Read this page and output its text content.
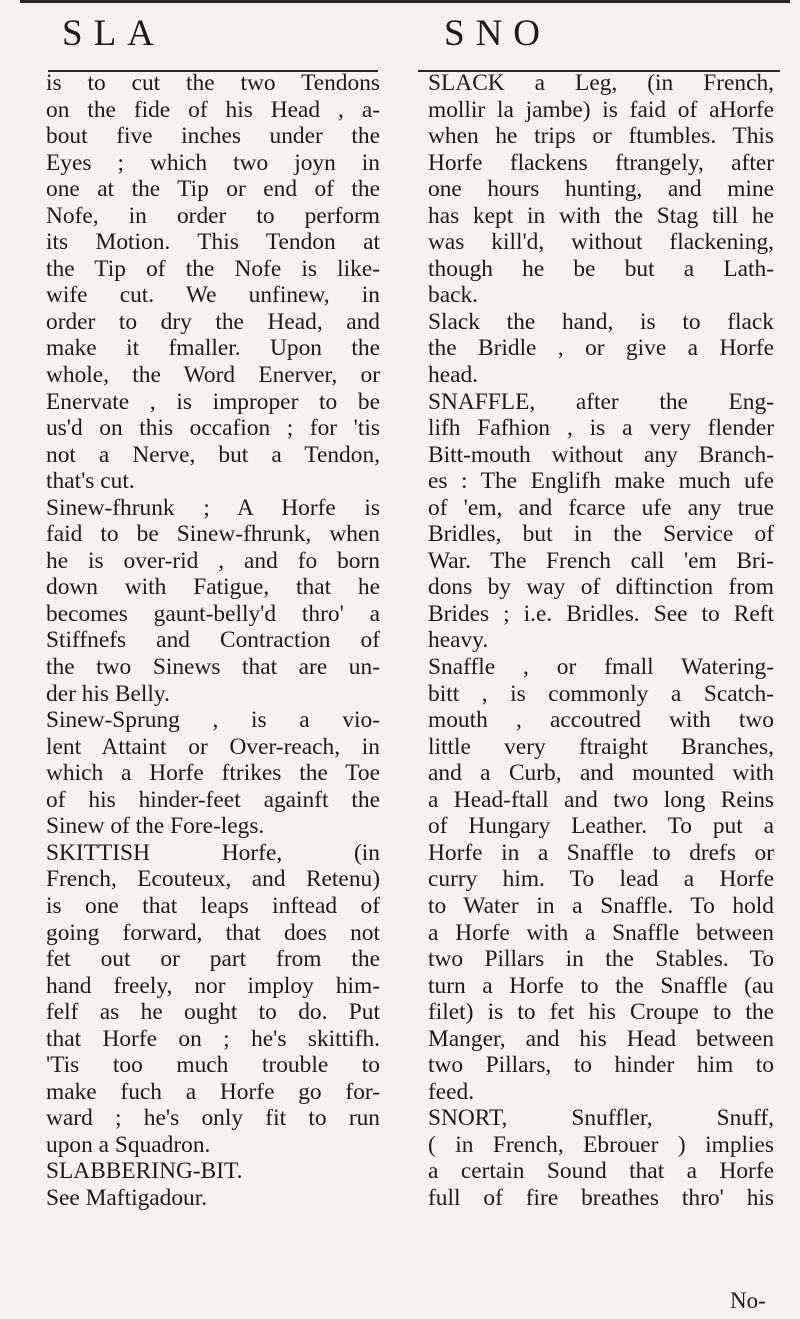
SLA	SNO
is to cut the two Tendons
on the fide of his Head , a-
bout five inches under the
Eyes ; which two joyn in
one at the Tip or end of the
Nofe, in order to perform
its Motion. This Tendon at
the Tip of the Nofe is like-
wife cut. We unfinew, in
order to dry the Head, and
make it fmaller. Upon the
whole, the Word Enerver, or
Enervate , is improper to be
us'd on this occafion ; for 'tis
not a Nerve, but a Tendon,
that's cut.
Sinew-fhrunk ; A Horfe is
faid to be Sinew-fhrunk, when
he is over-rid , and fo born
down with Fatigue, that he
becomes gaunt-belly'd thro' a
Stiffnefs and Contraction of
the two Sinews that are un-
der his Belly.
Sinew-Sprung , is a vio-
lent Attaint or Over-reach, in
which a Horfe ftrikes the Toe
of his hinder-feet againft the
Sinew of the Fore-legs.
SKITTISH Horfe, (in
French, Ecouteux, and Retenu)
is one that leaps inftead of
going forward, that does not
fet out or part from the
hand freely, nor imploy him-
felf as he ought to do. Put
that Horfe on ; he's skittifh.
'Tis too much trouble to
make fuch a Horfe go for-
ward ; he's only fit to run
upon a Squadron.
SLABBERING-BIT.
See Maftigadour.
SLACK a Leg, (in French,
mollir la jambe) is faid of aHorfe
when he trips or ftumbles. This
Horfe flackens ftrangely, after
one hours hunting, and mine
has kept in with the Stag till he
was kill'd, without flackening,
though he be but a Lath-
back.
Slack the hand, is to flack
the Bridle , or give a Horfe
head.
SNAFFLE, after the Eng-
lifh Fafhion , is a very flender
Bitt-mouth without any Branch-
es : The Englifh make much ufe
of 'em, and fcarce ufe any true
Bridles, but in the Service of
War. The French call 'em Bri-
dons by way of diftinction from
Brides ; i.e. Bridles. See to Reft
heavy.
Snaffle , or fmall Watering-
bitt , is commonly a Scatch-
mouth , accoutred with two
little very ftraight Branches,
and a Curb, and mounted with
a Head-ftall and two long Reins
of Hungary Leather. To put a
Horfe in a Snaffle to drefs or
curry him. To lead a Horfe
to Water in a Snaffle. To hold
a Horfe with a Snaffle between
two Pillars in the Stables. To
turn a Horfe to the Snaffle (au
filet) is to fet his Croupe to the
Manger, and his Head between
two Pillars, to hinder him to
feed.
SNORT, Snuffler, Snuff,
( in French, Ebrouer ) implies
a certain Sound that a Horfe
full of fire breathes thro' his
No-
